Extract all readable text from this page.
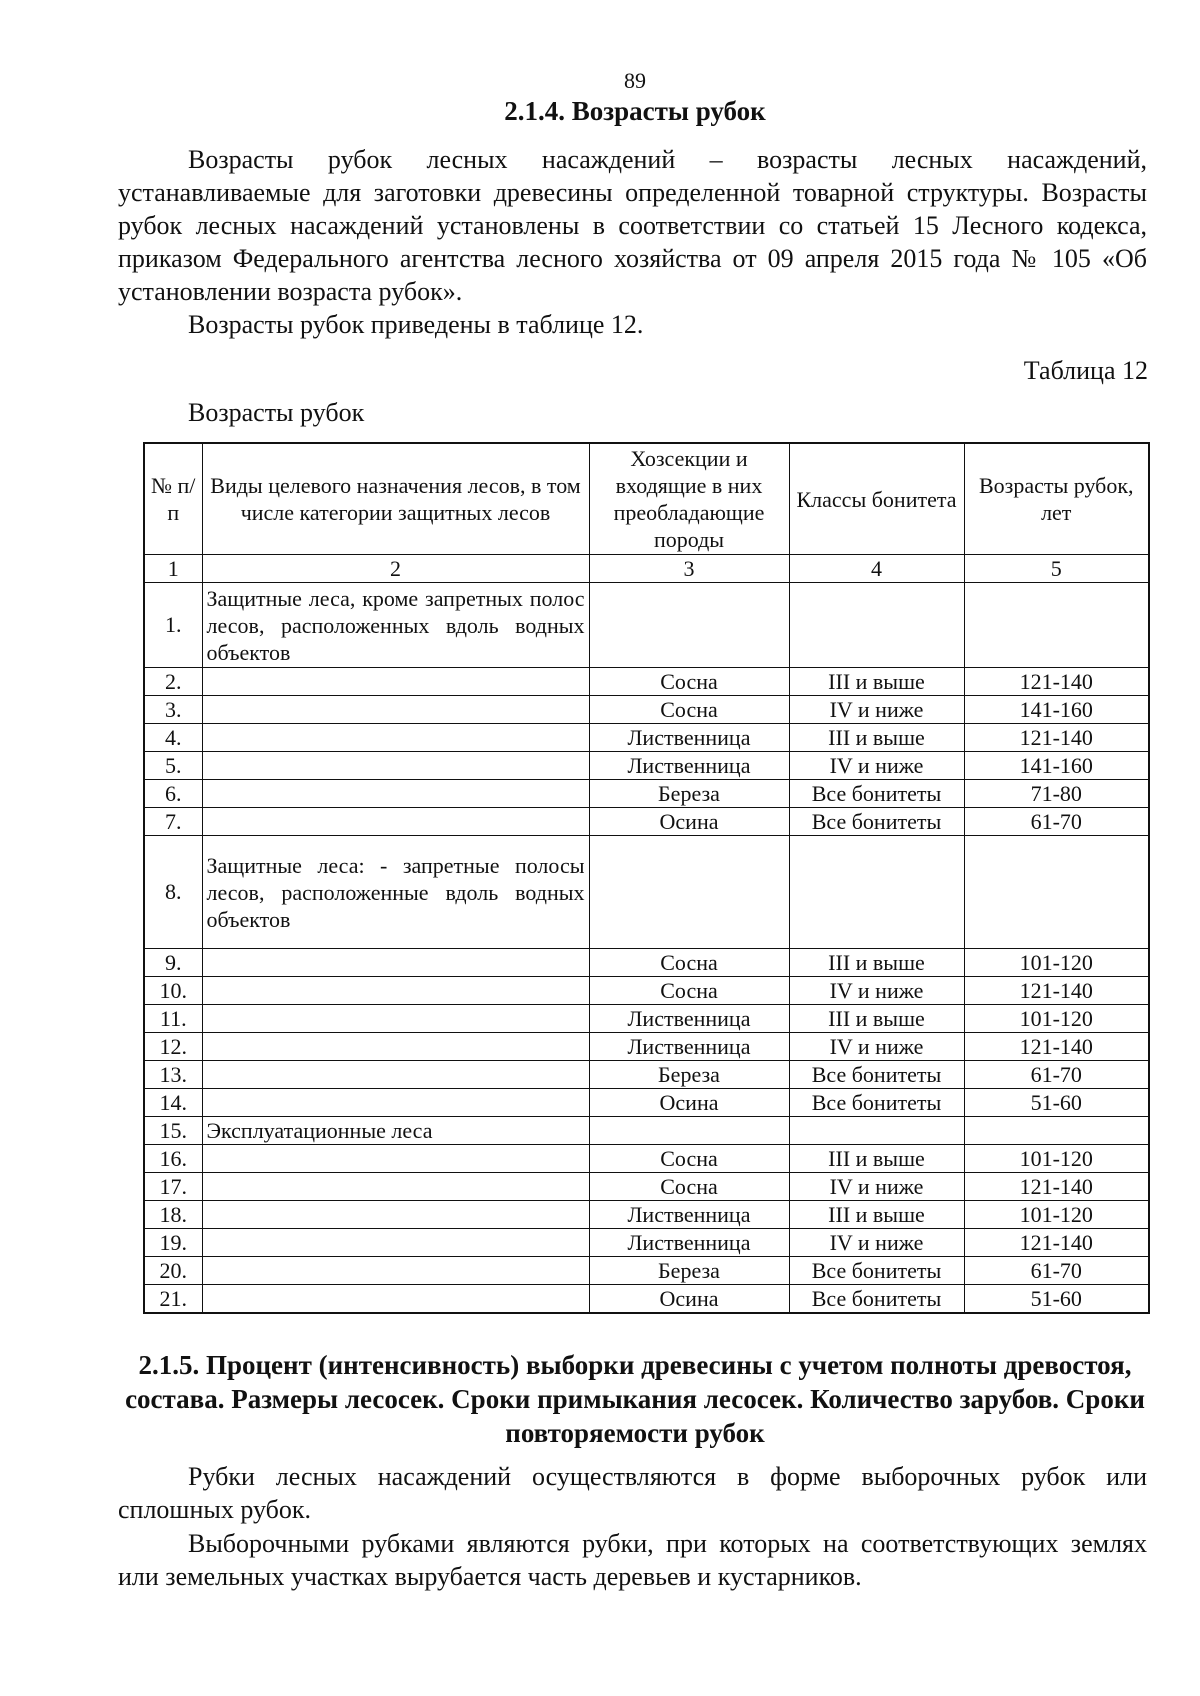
89
2.1.4. Возрасты рубок

Возрасты рубок лесных насаждений – возрасты лесных насаждений, устанавливаемые для заготовки древесины определенной товарной структуры. Возрасты рубок лесных насаждений установлены в соответствии со статьей 15 Лесного кодекса, приказом Федерального агентства лесного хозяйства от 09 апреля 2015 года № 105 «Об установлении возраста рубок».

Возрасты рубок приведены в таблице 12.

Таблица 12
Возрасты рубок
№ п/п	Виды целевого назначения лесов, в том числе категории защитных лесов	Хозсекции и входящие в них преобладающие породы	Классы бонитета	Возрасты рубок, лет
1	2	3	4	5
1.	Защитные леса, кроме запретных полос лесов, расположенных вдоль водных объектов			
2.		Сосна	III и выше	121-140
3.		Сосна	IV и ниже	141-160
4.		Лиственница	III и выше	121-140
5.		Лиственница	IV и ниже	141-160
6.		Береза	Все бонитеты	71-80
7.		Осина	Все бонитеты	61-70
8.	Защитные леса: - запретные полосы лесов, расположенные вдоль водных объектов			
9.		Сосна	III и выше	101-120
10.		Сосна	IV и ниже	121-140
11.		Лиственница	III и выше	101-120
12.		Лиственница	IV и ниже	121-140
13.		Береза	Все бонитеты	61-70
14.		Осина	Все бонитеты	51-60
15.	Эксплуатационные леса			
16.		Сосна	III и выше	101-120
17.		Сосна	IV и ниже	121-140
18.		Лиственница	III и выше	101-120
19.		Лиственница	IV и ниже	121-140
20.		Береза	Все бонитеты	61-70
21.		Осина	Все бонитеты	51-60
2.1.5. Процент (интенсивность) выборки древесины с учетом полноты древостоя, состава. Размеры лесосек. Сроки примыкания лесосек. Количество зарубов. Сроки повторяемости рубок

Рубки лесных насаждений осуществляются в форме выборочных рубок или сплошных рубок.

Выборочными рубками являются рубки, при которых на соответствующих землях или земельных участках вырубается часть деревьев и кустарников.
